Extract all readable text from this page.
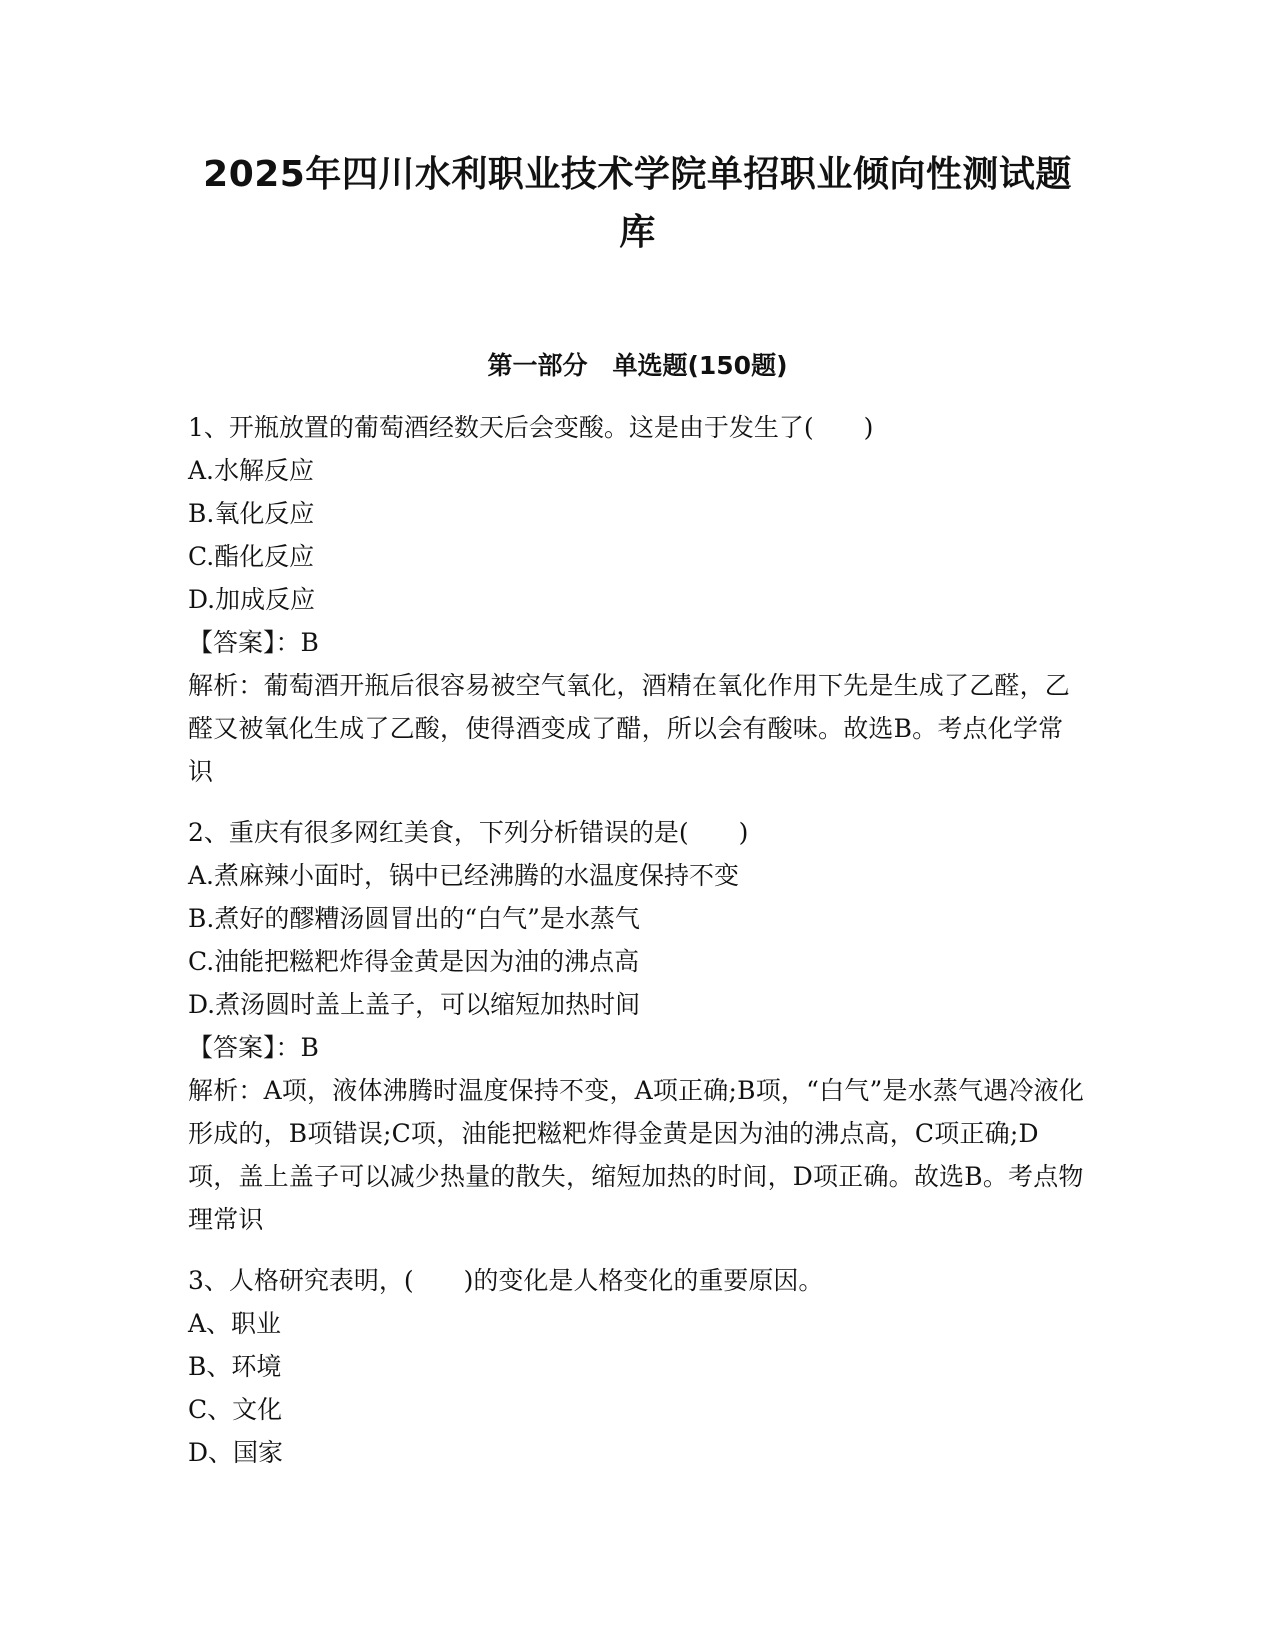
2025年四川水利职业技术学院单招职业倾向性测试题
库
第一部分　单选题(150题)

1、开瓶放置的葡萄酒经数天后会变酸。这是由于发生了(　　)

A.水解反应

B.氧化反应

C.酯化反应

D.加成反应

【答案】：B

解析：葡萄酒开瓶后很容易被空气氧化，酒精在氧化作用下先是生成了乙醛，乙醛又被氧化生成了乙酸，使得酒变成了醋，所以会有酸味。故选B。考点化学常识

2、重庆有很多网红美食，下列分析错误的是(　　)

A.煮麻辣小面时，锅中已经沸腾的水温度保持不变

B.煮好的醪糟汤圆冒出的“白气”是水蒸气

C.油能把糍粑炸得金黄是因为油的沸点高

D.煮汤圆时盖上盖子，可以缩短加热时间

【答案】：B

解析：A项，液体沸腾时温度保持不变，A项正确;B项，“白气”是水蒸气遇冷液化形成的，B项错误;C项，油能把糍粑炸得金黄是因为油的沸点高，C项正确;D项，盖上盖子可以减少热量的散失，缩短加热的时间，D项正确。故选B。考点物理常识

3、人格研究表明，(　　)的变化是人格变化的重要原因。

A、职业

B、环境

C、文化

D、国家
